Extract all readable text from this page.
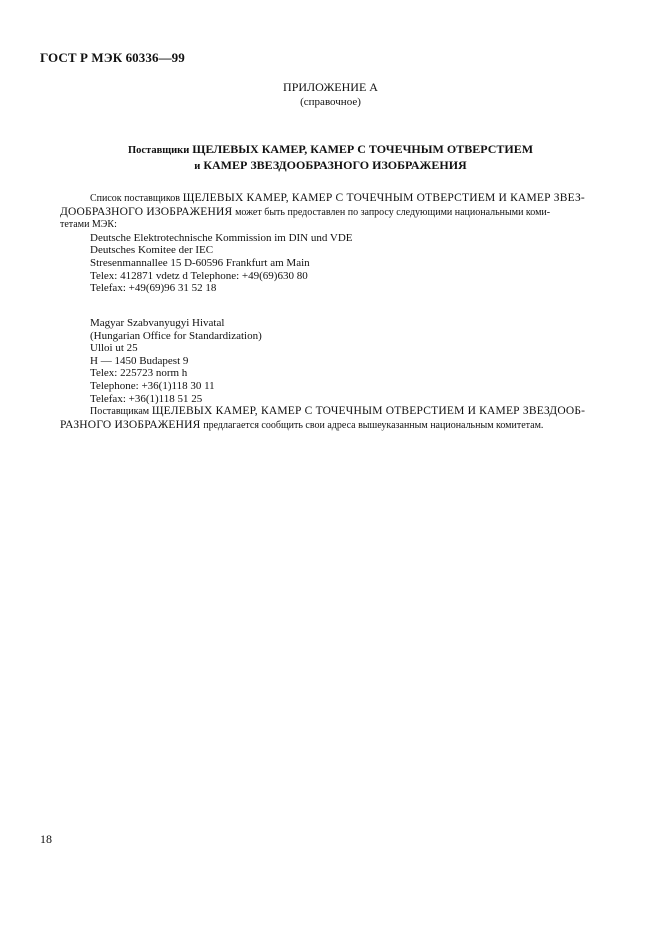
ГОСТ Р МЭК 60336—99
ПРИЛОЖЕНИЕ А
(справочное)
Поставщики ЩЕЛЕВЫХ КАМЕР, КАМЕР С ТОЧЕЧНЫМ ОТВЕРСТИЕМ
и КАМЕР ЗВЕЗДООБРАЗНОГО ИЗОБРАЖЕНИЯ
Список поставщиков ЩЕЛЕВЫХ КАМЕР, КАМЕР С ТОЧЕЧНЫМ ОТВЕРСТИЕМ И КАМЕР ЗВЕЗ-
ДООБРАЗНОГО ИЗОБРАЖЕНИЯ может быть предоставлен по запросу следующими национальными коми-
тетами МЭК:
Deutsche Elektrotechnische Kommission im DIN und VDE
Deutsches Komitee der IEC
Stresenmannallee 15 D-60596 Frankfurt am Main
Telex: 412871 vdetz d Telephone: +49(69)630 80
Telefax: +49(69)96 31 52 18
Magyar Szabvanyugyi Hivatal
(Hungarian Office for Standardization)
Ulloi ut 25
H — 1450 Budapest 9
Telex: 225723 norm h
Telephone: +36(1)118 30 11
Telefax: +36(1)118 51 25
Поставщикам ЩЕЛЕВЫХ КАМЕР, КАМЕР С ТОЧЕЧНЫМ ОТВЕРСТИЕМ И КАМЕР ЗВЕЗДООБ-
РАЗНОГО ИЗОБРАЖЕНИЯ предлагается сообщить свои адреса вышеуказанным национальным комитетам.
18
